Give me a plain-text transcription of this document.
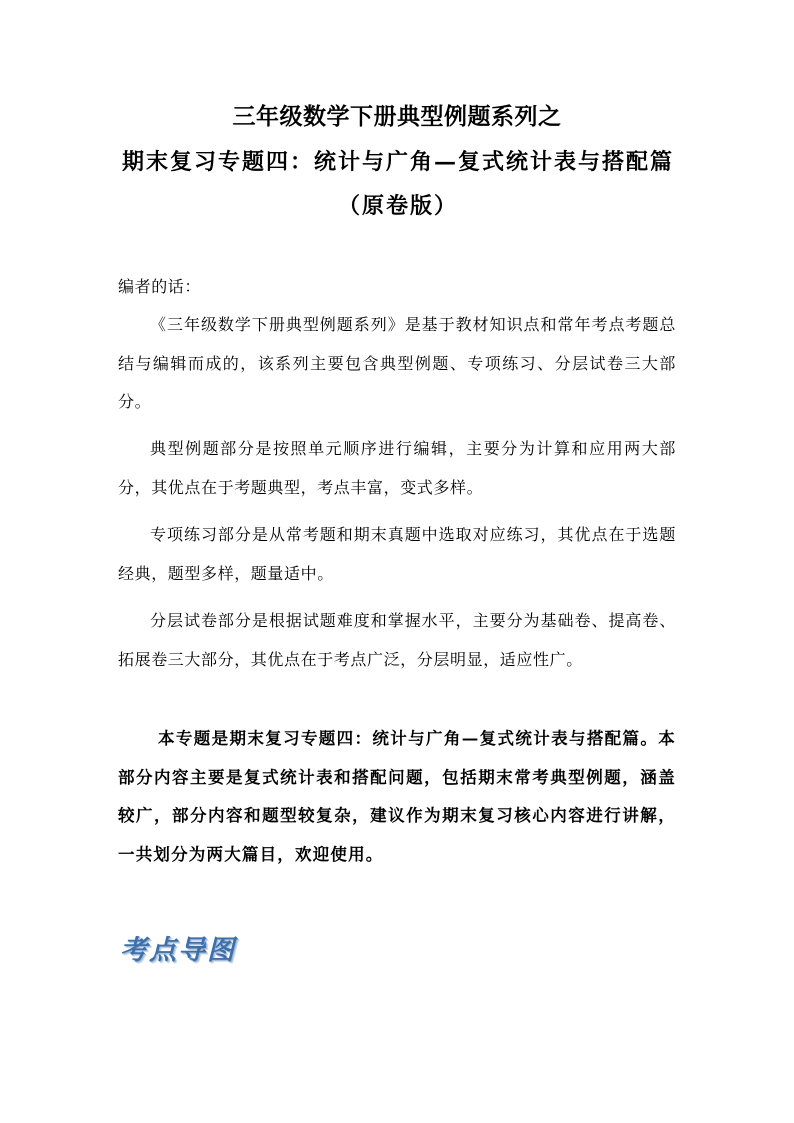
三年级数学下册典型例题系列之
期末复习专题四：统计与广角—复式统计表与搭配篇（原卷版）
编者的话：
《三年级数学下册典型例题系列》是基于教材知识点和常年考点考题总结与编辑而成的，该系列主要包含典型例题、专项练习、分层试卷三大部分。
典型例题部分是按照单元顺序进行编辑，主要分为计算和应用两大部分，其优点在于考题典型，考点丰富，变式多样。
专项练习部分是从常考题和期末真题中选取对应练习，其优点在于选题经典，题型多样，题量适中。
分层试卷部分是根据试题难度和掌握水平，主要分为基础卷、提高卷、拓展卷三大部分，其优点在于考点广泛，分层明显，适应性广。
本专题是期末复习专题四：统计与广角—复式统计表与搭配篇。本部分内容主要是复式统计表和搭配问题，包括期末常考典型例题，涵盖较广，部分内容和题型较复杂，建议作为期末复习核心内容进行讲解，一共划分为两大篇目，欢迎使用。
考点导图
